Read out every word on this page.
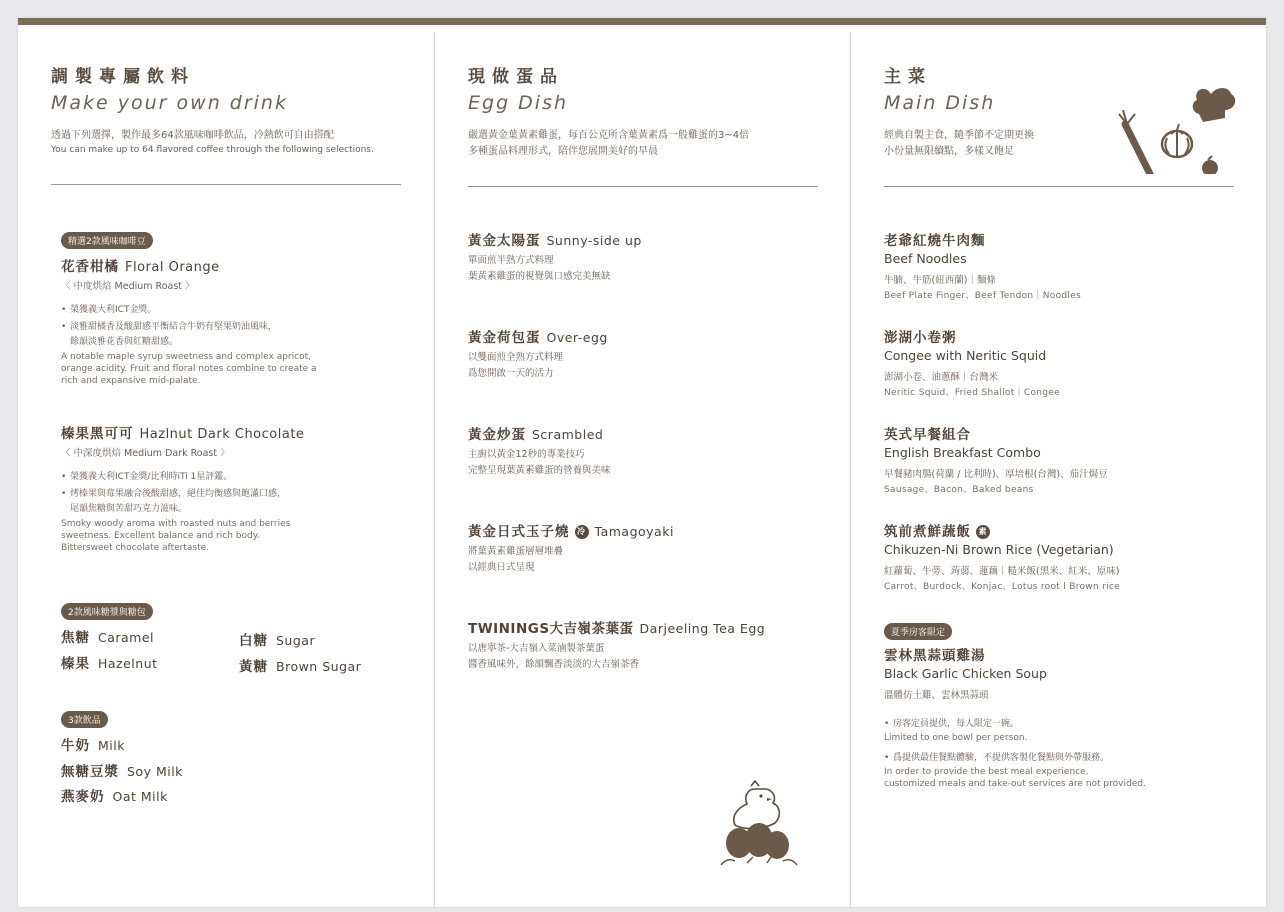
調製專屬飲料
Make your own drink
透過下列選擇，製作最多64款風味咖啡飲品，冷熱飲可自由搭配
You can make up to 64 flavored coffee through the following selections.
精選2款風味咖啡豆
花香柑橘 Floral Orange
〈 中度烘焙 Medium Roast 〉
• 榮獲義大利ICT金獎。
• 淡雅甜橘香及酸甜感平衡結合牛奶有堅果奶油風味，
餘韻淡雅花香與紅糖甜感。
A notable maple syrup sweetness and complex apricot,
orange acidity. Fruit and floral notes combine to create a
rich and expansive mid-palate.
榛果黑可可 Hazlnut Dark Chocolate
〈 中深度烘焙 Medium Dark Roast 〉
• 榮獲義大利ICT金獎/比利時iTi 1星評鑑。
• 烤榛果與莓果融合後酸甜感，絕佳均衡感與飽滿口感，
尾韻焦糖與苦甜巧克力滋味。
Smoky woody aroma with roasted nuts and berries
sweetness. Excellent balance and rich body.
Bittersweet chocolate aftertaste.
2款風味糖漿與糖包
焦糖 Caramel
榛果 Hazelnut
白糖 Sugar
黃糖 Brown Sugar
3款飲品
牛奶 Milk
無糖豆漿 Soy Milk
燕麥奶 Oat Milk
現做蛋品
Egg Dish
嚴選黃金葉黃素雞蛋，每百公克所含葉黃素爲一般雞蛋的3~4倍
多種蛋品料理形式，陪伴您展開美好的早晨
黃金太陽蛋 Sunny-side up
單面煎半熟方式料理
葉黃素雞蛋的視覺與口感完美無缺
黃金荷包蛋 Over-egg
以雙面煎全熟方式料理
爲您開啟一天的活力
黃金炒蛋 Scrambled
主廚以黃金12秒的專業技巧
完整呈現葉黃素雞蛋的營養與美味
黃金日式玉子燒 冷 Tamagoyaki
將葉黃素雞蛋層層堆疊
以經典日式呈現
TWININGS大吉嶺茶葉蛋 Darjeeling Tea Egg
以唐寧茶-大吉嶺入菜滷製茶葉蛋
醬香風味外，餘韻飄香淡淡的大吉嶺茶香
主菜
Main Dish
經典自製主食，隨季節不定期更換
小份量無限續點，多樣又飽足
老爺紅燒牛肉麵
Beef Noodles
牛腩、牛筋(紐西蘭)｜麵條
Beef Plate Finger、Beef Tendon｜Noodles
澎湖小卷粥
Congee with Neritic Squid
澎湖小卷、油蔥酥｜台灣米
Neritic Squid、Fried Shallot｜Congee
英式早餐組合
English Breakfast Combo
早餐豬肉腸(荷蘭 / 比利時)、厚培根(台灣)、茄汁焗豆
Sausage、Bacon、Baked beans
筑前煮鮮蔬飯 素
Chikuzen-Ni Brown Rice (Vegetarian)
紅蘿蔔、牛蒡、蒟蒻、蓮藕｜糙米飯(黑米、紅米、原味)
Carrot、Burdock、Konjac、Lotus root l Brown rice
夏季房客限定
雲林黑蒜頭雞湯
Black Garlic Chicken Soup
溫體仿土雞、雲林黑蒜頭
• 房客定員提供，每人限定一碗。
Limited to one bowl per person.
• 爲提供最佳餐點體驗，不提供客製化餐點與外帶服務。
In order to provide the best meal experience,
customized meals and take-out services are not provided.
